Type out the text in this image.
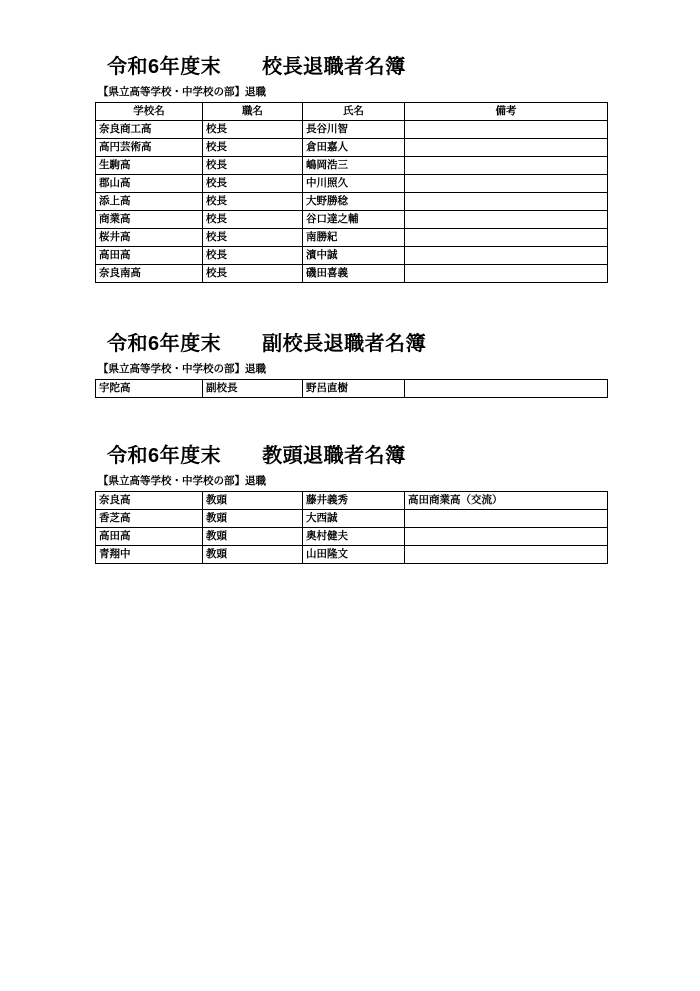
令和6年度末　　校長退職者名簿
【県立高等学校・中学校の部】退職
学校名	職名	氏名	備考
奈良商工高	校長	長谷川智	
高円芸術高	校長	倉田嘉人	
生駒高	校長	嶋岡浩三	
郡山高	校長	中川照久	
添上高	校長	大野勝稔	
商業高	校長	谷口達之輔	
桜井高	校長	南勝紀	
高田高	校長	濱中誠	
奈良南高	校長	磯田喜義	
令和6年度末　　副校長退職者名簿
【県立高等学校・中学校の部】退職
宇陀高	副校長	野呂直樹	
令和6年度末　　教頭退職者名簿
【県立高等学校・中学校の部】退職
奈良高	教頭	藤井義秀	高田商業高（交流）
香芝高	教頭	大西誠	
高田高	教頭	奥村健夫	
青翔中	教頭	山田隆文	
